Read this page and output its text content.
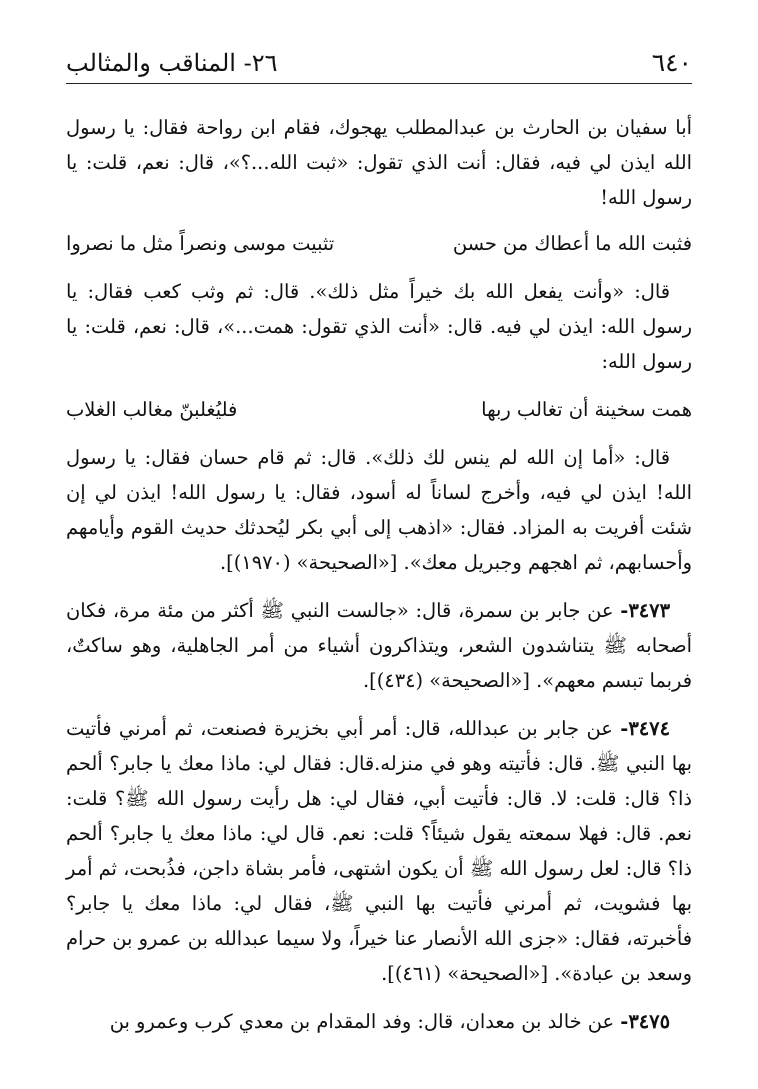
٦٤٠
٢٦- المناقب والمثالب

أبا سفيان بن الحارث بن عبدالمطلب يهجوك، فقام ابن رواحة فقال: يا رسول الله ايذن لي فيه، فقال: أنت الذي تقول: «ثبت الله...؟»، قال: نعم، قلت: يا رسول الله!

فثبت الله ما أعطاك من حسن
تثبيت موسى ونصراً مثل ما نصروا

قال: «وأنت يفعل الله بك خيراً مثل ذلك». قال: ثم وثب كعب فقال: يا رسول الله: ايذن لي فيه. قال: «أنت الذي تقول: همت...»، قال: نعم، قلت: يا رسول الله:

همت سخينة أن تغالب ربها
فليُغلبنّ مغالب الغلاب

قال: «أما إن الله لم ينس لك ذلك». قال: ثم قام حسان فقال: يا رسول الله! ايذن لي فيه، وأخرج لساناً له أسود، فقال: يا رسول الله! ايذن لي إن شئت أفريت به المزاد. فقال: «اذهب إلى أبي بكر ليُحدثك حديث القوم وأيامهم وأحسابهم، ثم اهجهم وجبريل معك». [«الصحيحة» (١٩٧٠)].

٣٤٧٣- عن جابر بن سمرة، قال: «جالست النبي ﷺ أكثر من مئة مرة، فكان أصحابه ﷺ يتناشدون الشعر، ويتذاكرون أشياء من أمر الجاهلية، وهو ساكتٌ، فربما تبسم معهم». [«الصحيحة» (٤٣٤)].

٣٤٧٤- عن جابر بن عبدالله، قال: أمر أبي بخزيرة فصنعت، ثم أمرني فأتيت بها النبي ﷺ. قال: فأتيته وهو في منزله.قال: فقال لي: ماذا معك يا جابر؟ ألحم ذا؟ قال: قلت: لا. قال: فأتيت أبي، فقال لي: هل رأيت رسول الله ﷺ؟ قلت: نعم. قال: فهلا سمعته يقول شيئاً؟ قلت: نعم. قال لي: ماذا معك يا جابر؟ ألحم ذا؟ قال: لعل رسول الله ﷺ أن يكون اشتهى، فأمر بشاة داجن، فذُبحت، ثم أمر بها فشويت، ثم أمرني فأتيت بها النبي ﷺ، فقال لي: ماذا معك يا جابر؟ فأخبرته، فقال: «جزى الله الأنصار عنا خيراً، ولا سيما عبدالله بن عمرو بن حرام وسعد بن عبادة». [«الصحيحة» (٤٦١)].

٣٤٧٥- عن خالد بن معدان، قال: وفد المقدام بن معدي كرب وعمرو بن
